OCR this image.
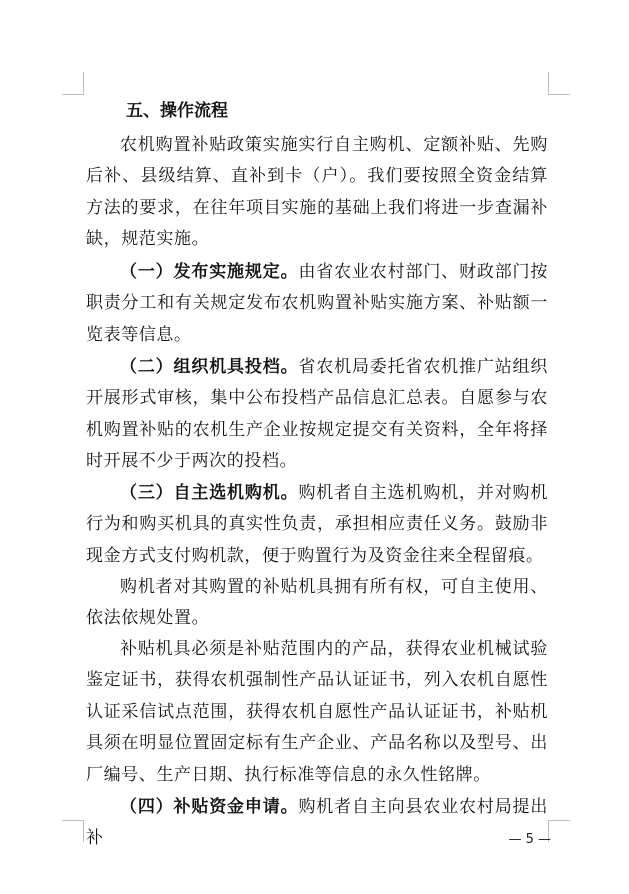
五、操作流程

农机购置补贴政策实施实行自主购机、定额补贴、先购后补、县级结算、直补到卡（户）。我们要按照全资金结算方法的要求，在往年项目实施的基础上我们将进一步查漏补缺，规范实施。

（一）发布实施规定。由省农业农村部门、财政部门按职责分工和有关规定发布农机购置补贴实施方案、补贴额一览表等信息。

（二）组织机具投档。省农机局委托省农机推广站组织开展形式审核，集中公布投档产品信息汇总表。自愿参与农机购置补贴的农机生产企业按规定提交有关资料，全年将择时开展不少于两次的投档。

（三）自主选机购机。购机者自主选机购机，并对购机行为和购买机具的真实性负责，承担相应责任义务。鼓励非现金方式支付购机款，便于购置行为及资金往来全程留痕。

购机者对其购置的补贴机具拥有所有权，可自主使用、依法依规处置。

补贴机具必须是补贴范围内的产品，获得农业机械试验鉴定证书，获得农机强制性产品认证证书，列入农机自愿性认证采信试点范围，获得农机自愿性产品认证证书，补贴机具须在明显位置固定标有生产企业、产品名称以及型号、出厂编号、生产日期、执行标准等信息的永久性铭牌。

（四）补贴资金申请。购机者自主向县农业农村局提出补	— 5 —
